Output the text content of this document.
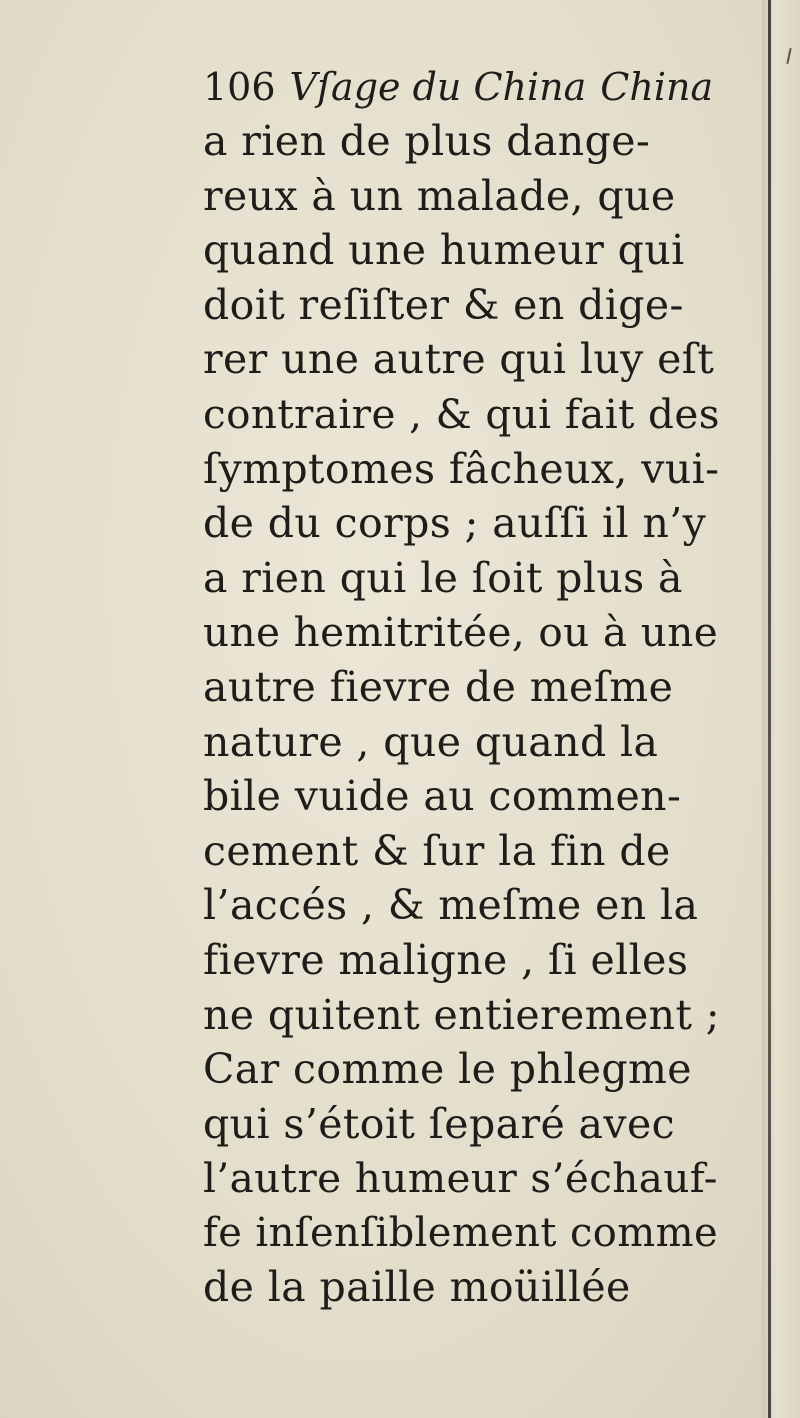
106 Vſage du China China
a rien de plus dange-
reux à un malade, que
quand une humeur qui
doit reſiſter & en dige-
rer une autre qui luy eſt
contraire , & qui fait des
ſymptomes fâcheux, vui-
de du corps ; auſſi il n’y
a rien qui le ſoit plus à
une hemitritée, ou à une
autre fievre de meſme
nature , que quand la
bile vuide au commen-
cement & ſur la fin de
l’accés , & meſme en la
fievre maligne , ſi elles
ne quitent entierement ;
Car comme le phlegme
qui s’étoit ſeparé avec
l’autre humeur s’échauf-
fe inſenſiblement comme
de la paille moüillée
